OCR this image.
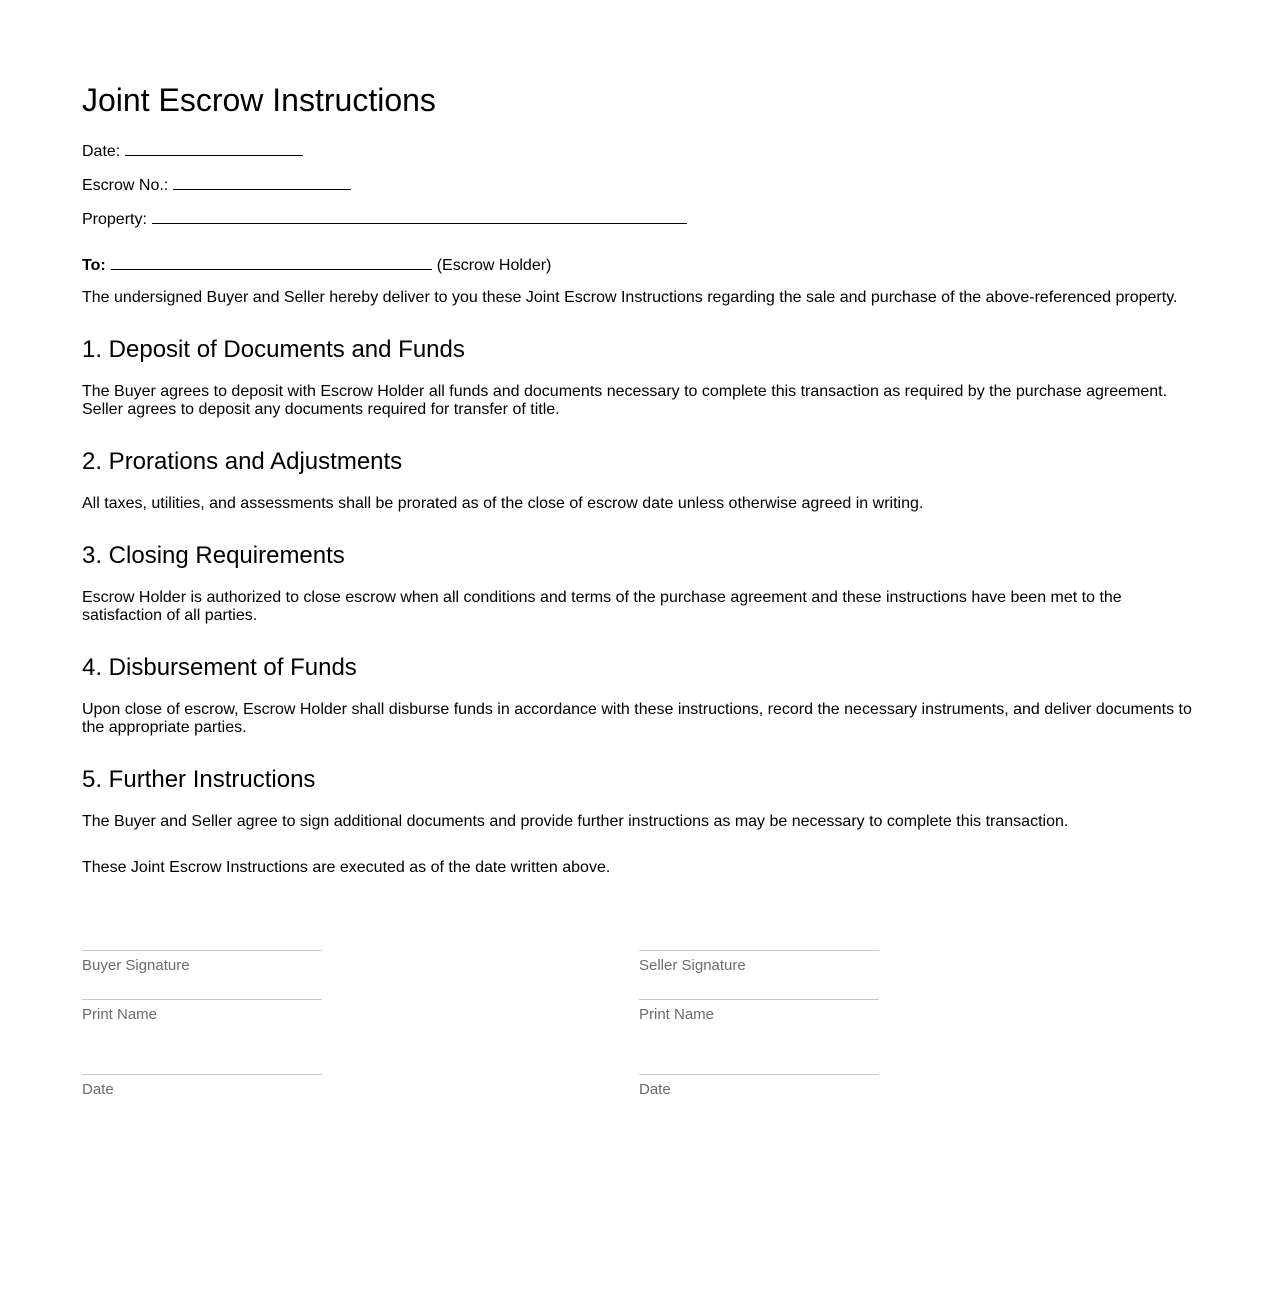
Joint Escrow Instructions
Date:
Escrow No.:
Property:
To:	(Escrow Holder)

The undersigned Buyer and Seller hereby deliver to you these Joint Escrow Instructions regarding the sale and purchase of the above-referenced property.

1. Deposit of Documents and Funds

The Buyer agrees to deposit with Escrow Holder all funds and documents necessary to complete this transaction as required by the purchase agreement. Seller agrees to deposit any documents required for transfer of title.

2. Prorations and Adjustments

All taxes, utilities, and assessments shall be prorated as of the close of escrow date unless otherwise agreed in writing.

3. Closing Requirements

Escrow Holder is authorized to close escrow when all conditions and terms of the purchase agreement and these instructions have been met to the satisfaction of all parties.

4. Disbursement of Funds

Upon close of escrow, Escrow Holder shall disburse funds in accordance with these instructions, record the necessary instruments, and deliver documents to the appropriate parties.

5. Further Instructions

The Buyer and Seller agree to sign additional documents and provide further instructions as may be necessary to complete this transaction.

These Joint Escrow Instructions are executed as of the date written above.

Buyer Signature
Print Name
Date
Seller Signature
Print Name
Date
